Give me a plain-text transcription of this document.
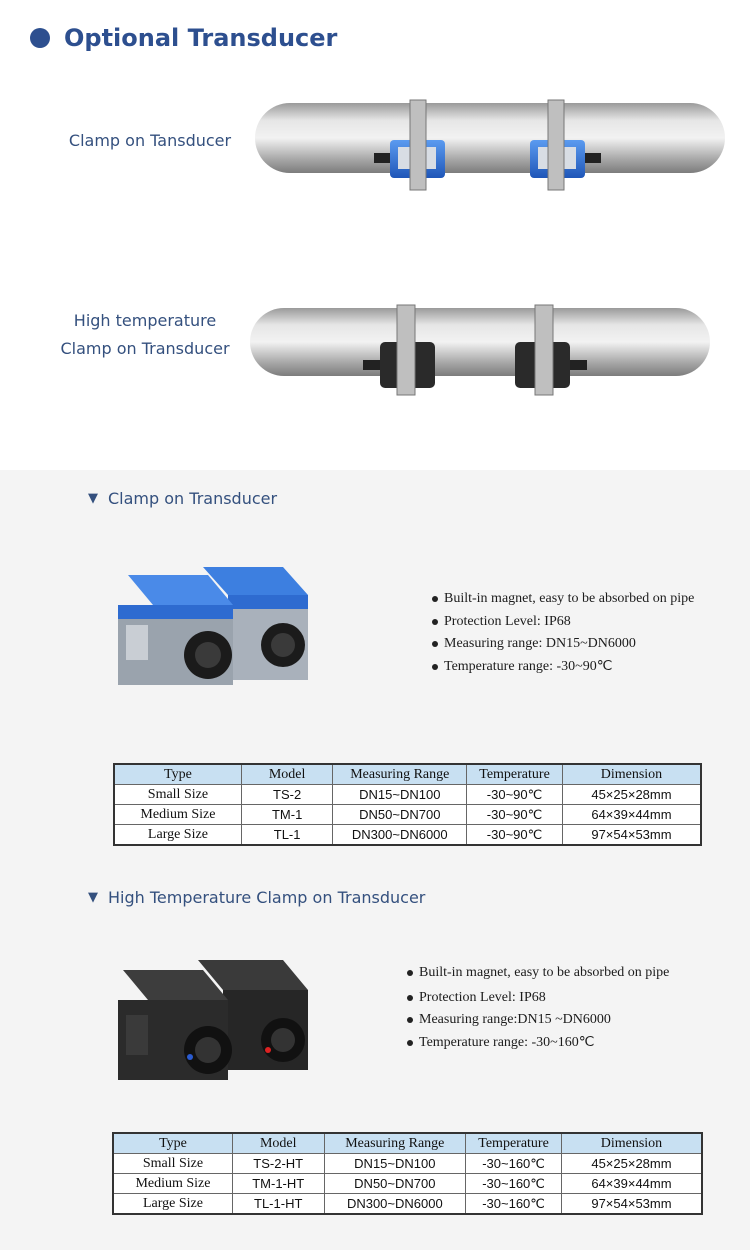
Optional Transducer
Clamp on Tansducer
High temperature
Clamp on Transducer
▼ Clamp on Transducer
Built-in magnet, easy to be absorbed on pipe
Protection Level: IP68
Measuring range: DN15~DN6000
Temperature range: -30~90℃
Type	Model	Measuring Range	Temperature	Dimension
Small Size	TS-2	DN15~DN100	-30~90℃	45×25×28mm
Medium Size	TM-1	DN50~DN700	-30~90℃	64×39×44mm
Large Size	TL-1	DN300~DN6000	-30~90℃	97×54×53mm
▼ High Temperature Clamp on Transducer
Built-in magnet, easy to be absorbed on pipe
Protection Level: IP68
Measuring range:DN15 ~DN6000
Temperature range: -30~160℃
Type	Model	Measuring Range	Temperature	Dimension
Small Size	TS-2-HT	DN15~DN100	-30~160℃	45×25×28mm
Medium Size	TM-1-HT	DN50~DN700	-30~160℃	64×39×44mm
Large Size	TL-1-HT	DN300~DN6000	-30~160℃	97×54×53mm
